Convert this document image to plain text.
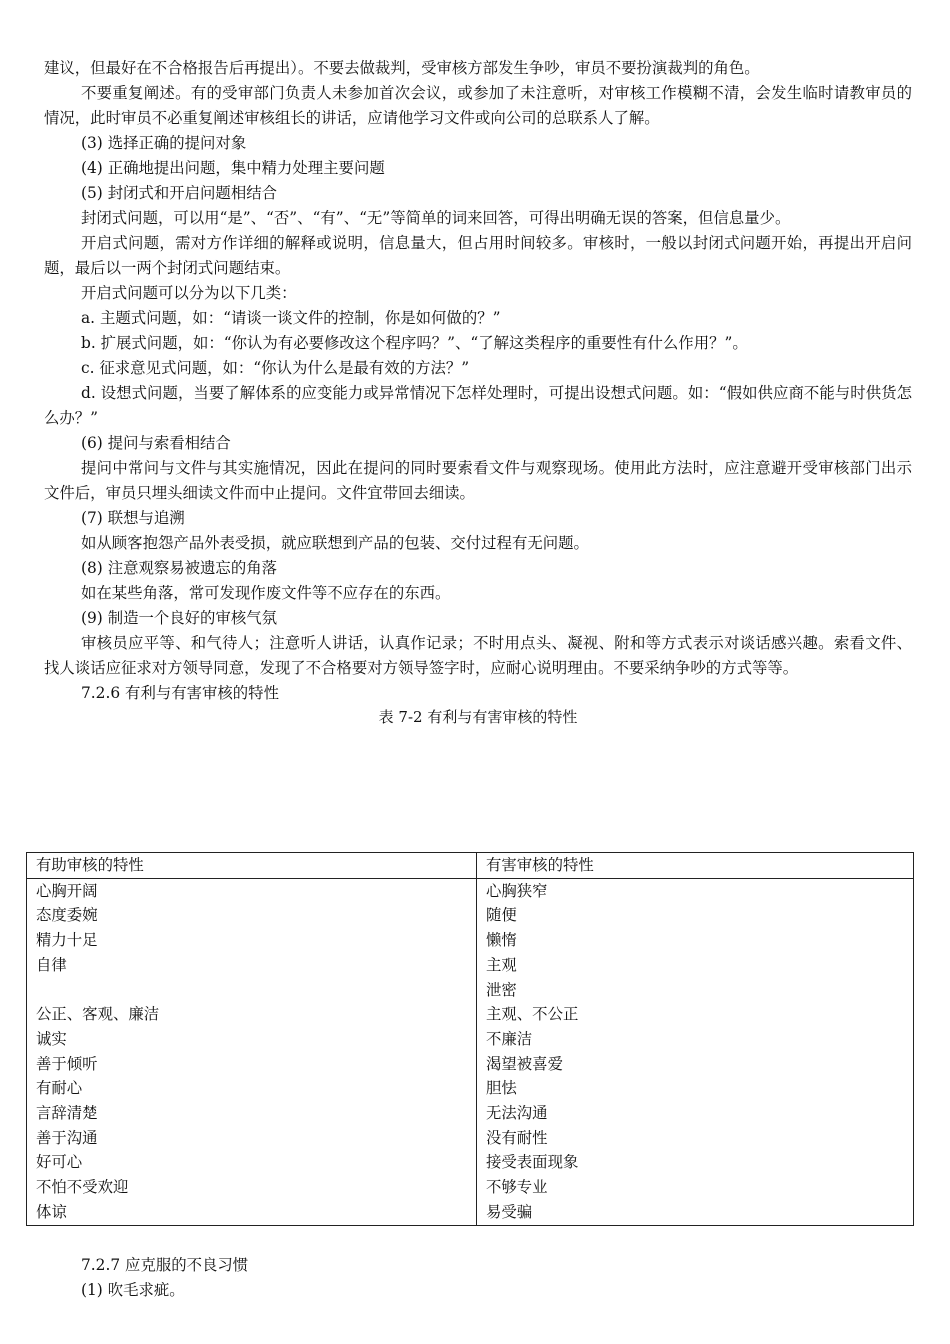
建议，但最好在不合格报告后再提出）。不要去做裁判，受审核方部发生争吵，审员不要扮演裁判的角色。

不要重复阐述。有的受审部门负责人未参加首次会议，或参加了未注意听，对审核工作模糊不清，会发生临时请教审员的情况，此时审员不必重复阐述审核组长的讲话，应请他学习文件或向公司的总联系人了解。

(3) 选择正确的提问对象

(4) 正确地提出问题，集中精力处理主要问题

(5) 封闭式和开启问题相结合

封闭式问题，可以用“是”、“否”、“有”、“无”等简单的词来回答，可得出明确无误的答案，但信息量少。

开启式问题，需对方作详细的解释或说明，信息量大，但占用时间较多。审核时，一般以封闭式问题开始，再提出开启问题，最后以一两个封闭式问题结束。

开启式问题可以分为以下几类：

a. 主题式问题，如：“请谈一谈文件的控制，你是如何做的？”

b. 扩展式问题，如：“你认为有必要修改这个程序吗？”、“了解这类程序的重要性有什么作用？”。

c. 征求意见式问题，如：“你认为什么是最有效的方法？”

d. 设想式问题，当要了解体系的应变能力或异常情况下怎样处理时，可提出设想式问题。如：“假如供应商不能与时供货怎么办？”

(6) 提问与索看相结合

提问中常问与文件与其实施情况，因此在提问的同时要索看文件与观察现场。使用此方法时，应注意避开受审核部门出示文件后，审员只埋头细读文件而中止提问。文件宜带回去细读。

(7) 联想与追溯

如从顾客抱怨产品外表受损，就应联想到产品的包装、交付过程有无问题。

(8) 注意观察易被遗忘的角落

如在某些角落，常可发现作废文件等不应存在的东西。

(9) 制造一个良好的审核气氛

审核员应平等、和气待人；注意听人讲话，认真作记录；不时用点头、凝视、附和等方式表示对谈话感兴趣。索看文件、找人谈话应征求对方领导同意，发现了不合格要对方领导签字时，应耐心说明理由。不要采纳争吵的方式等等。

7.2.6 有利与有害审核的特性

表 7-2 有利与有害审核的特性

有助审核的特性	有害审核的特性
心胸开阔	心胸狭窄
态度委婉	随便
精力十足	懒惰
自律	主观
	泄密
公正、客观、廉洁	主观、不公正
诚实	不廉洁
善于倾听	渴望被喜爱
有耐心	胆怯
言辞清楚	无法沟通
善于沟通	没有耐性
好可心	接受表面现象
不怕不受欢迎	不够专业
体谅	易受骗

7.2.7 应克服的不良习惯

(1) 吹毛求疵。
